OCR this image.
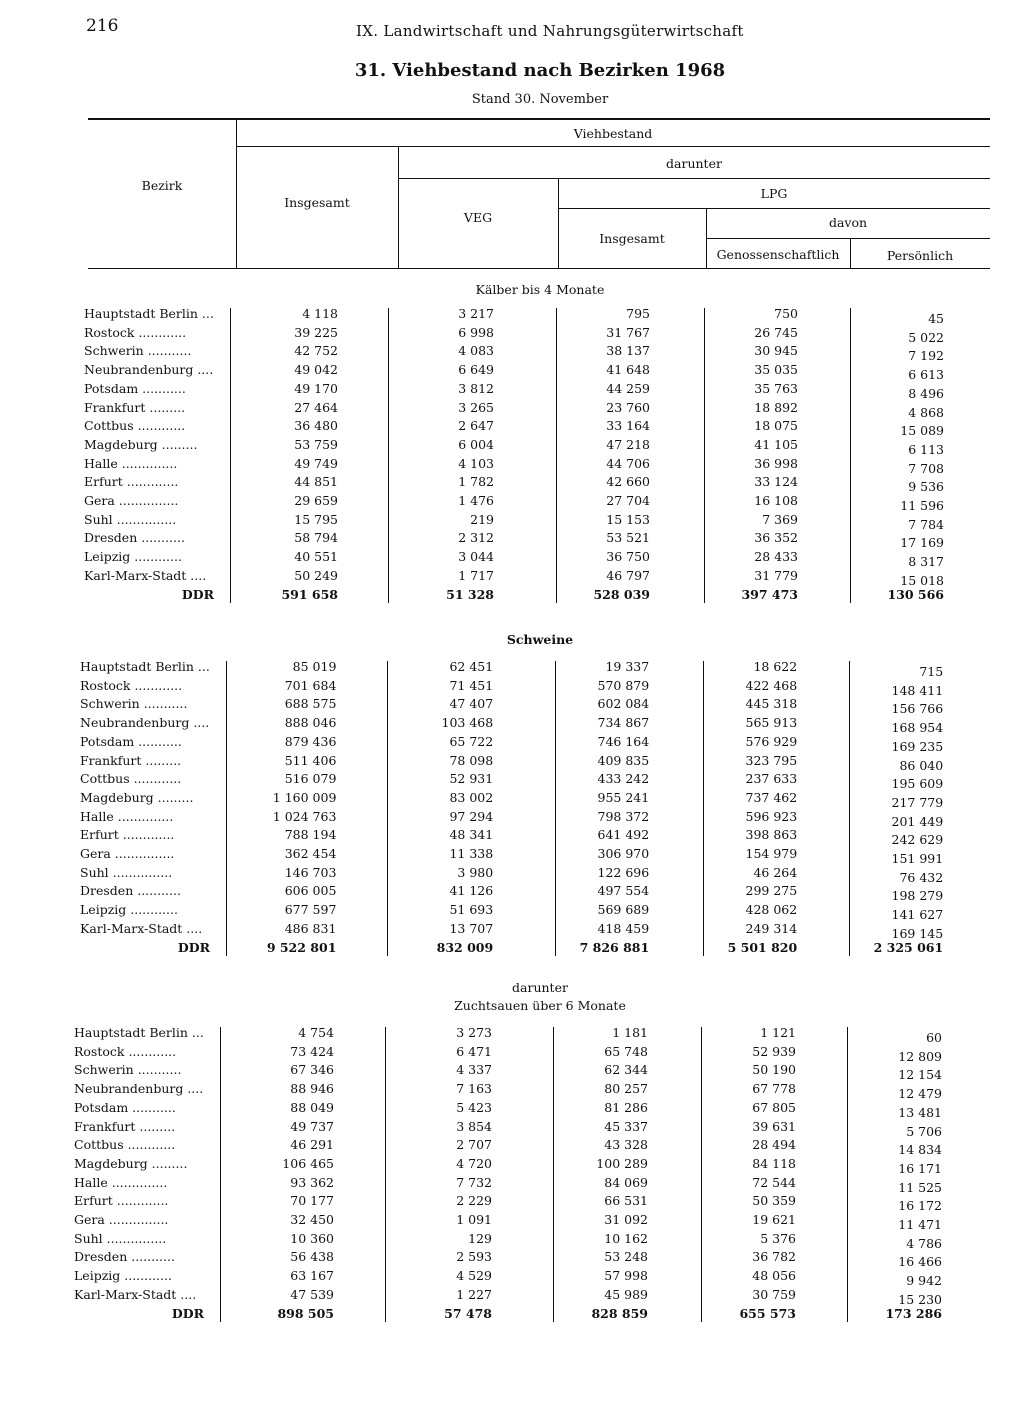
216	IX. Landwirtschaft und Nahrungsgüterwirtschaft
31. Viehbestand nach Bezirken 1968
Stand 30. November
Bezirk
Viehbestand
Insgesamt
darunter
VEG
LPG
Insgesamt
davon
Genossenschaftlich	Persönlich
Kälber bis 4 Monate
Hauptstadt Berlin ...	4 118	3 217	795	750	45
Rostock ............	39 225	6 998	31 767	26 745	5 022
Schwerin ...........	42 752	4 083	38 137	30 945	7 192
Neubrandenburg ....	49 042	6 649	41 648	35 035	6 613
Potsdam ...........	49 170	3 812	44 259	35 763	8 496
Frankfurt .........	27 464	3 265	23 760	18 892	4 868
Cottbus ............	36 480	2 647	33 164	18 075	15 089
Magdeburg .........	53 759	6 004	47 218	41 105	6 113
Halle ..............	49 749	4 103	44 706	36 998	7 708
Erfurt .............	44 851	1 782	42 660	33 124	9 536
Gera ...............	29 659	1 476	27 704	16 108	11 596
Suhl ...............	15 795	219	15 153	7 369	7 784
Dresden ...........	58 794	2 312	53 521	36 352	17 169
Leipzig ............	40 551	3 044	36 750	28 433	8 317
Karl-Marx-Stadt ....	50 249	1 717	46 797	31 779	15 018
DDR	591 658	51 328	528 039	397 473	130 566
Schweine
Hauptstadt Berlin ...	85 019	62 451	19 337	18 622	715
Rostock ............	701 684	71 451	570 879	422 468	148 411
Schwerin ...........	688 575	47 407	602 084	445 318	156 766
Neubrandenburg ....	888 046	103 468	734 867	565 913	168 954
Potsdam ...........	879 436	65 722	746 164	576 929	169 235
Frankfurt .........	511 406	78 098	409 835	323 795	86 040
Cottbus ............	516 079	52 931	433 242	237 633	195 609
Magdeburg .........	1 160 009	83 002	955 241	737 462	217 779
Halle ..............	1 024 763	97 294	798 372	596 923	201 449
Erfurt .............	788 194	48 341	641 492	398 863	242 629
Gera ...............	362 454	11 338	306 970	154 979	151 991
Suhl ...............	146 703	3 980	122 696	46 264	76 432
Dresden ...........	606 005	41 126	497 554	299 275	198 279
Leipzig ............	677 597	51 693	569 689	428 062	141 627
Karl-Marx-Stadt ....	486 831	13 707	418 459	249 314	169 145
DDR	9 522 801	832 009	7 826 881	5 501 820	2 325 061
darunter
Zuchtsauen über 6 Monate
Hauptstadt Berlin ...	4 754	3 273	1 181	1 121	60
Rostock ............	73 424	6 471	65 748	52 939	12 809
Schwerin ...........	67 346	4 337	62 344	50 190	12 154
Neubrandenburg ....	88 946	7 163	80 257	67 778	12 479
Potsdam ...........	88 049	5 423	81 286	67 805	13 481
Frankfurt .........	49 737	3 854	45 337	39 631	5 706
Cottbus ............	46 291	2 707	43 328	28 494	14 834
Magdeburg .........	106 465	4 720	100 289	84 118	16 171
Halle ..............	93 362	7 732	84 069	72 544	11 525
Erfurt .............	70 177	2 229	66 531	50 359	16 172
Gera ...............	32 450	1 091	31 092	19 621	11 471
Suhl ...............	10 360	129	10 162	5 376	4 786
Dresden ...........	56 438	2 593	53 248	36 782	16 466
Leipzig ............	63 167	4 529	57 998	48 056	9 942
Karl-Marx-Stadt ....	47 539	1 227	45 989	30 759	15 230
DDR	898 505	57 478	828 859	655 573	173 286
